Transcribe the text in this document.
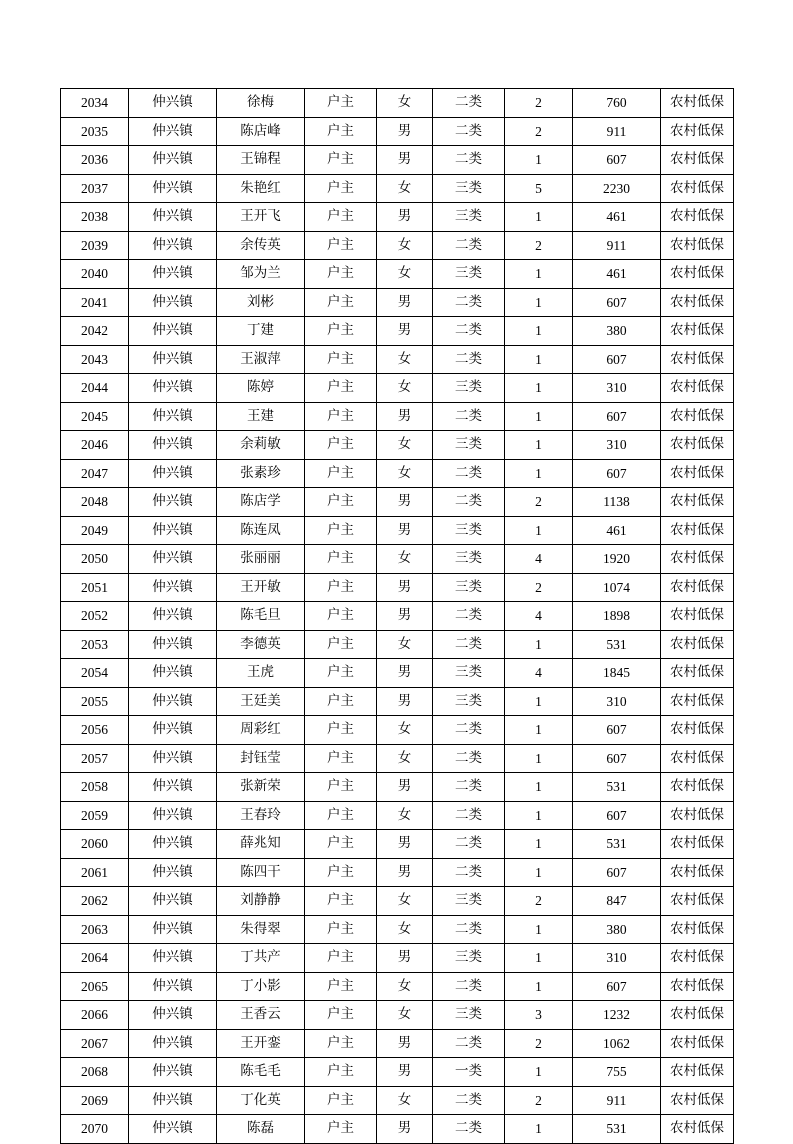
2034	仲兴镇	徐梅	户主	女	二类	2	760	农村低保
2035	仲兴镇	陈店峰	户主	男	二类	2	911	农村低保
2036	仲兴镇	王锦程	户主	男	二类	1	607	农村低保
2037	仲兴镇	朱艳红	户主	女	三类	5	2230	农村低保
2038	仲兴镇	王开飞	户主	男	三类	1	461	农村低保
2039	仲兴镇	余传英	户主	女	二类	2	911	农村低保
2040	仲兴镇	邹为兰	户主	女	三类	1	461	农村低保
2041	仲兴镇	刘彬	户主	男	二类	1	607	农村低保
2042	仲兴镇	丁建	户主	男	二类	1	380	农村低保
2043	仲兴镇	王淑萍	户主	女	二类	1	607	农村低保
2044	仲兴镇	陈婷	户主	女	三类	1	310	农村低保
2045	仲兴镇	王建	户主	男	二类	1	607	农村低保
2046	仲兴镇	余莉敏	户主	女	三类	1	310	农村低保
2047	仲兴镇	张素珍	户主	女	二类	1	607	农村低保
2048	仲兴镇	陈店学	户主	男	二类	2	1138	农村低保
2049	仲兴镇	陈连凤	户主	男	三类	1	461	农村低保
2050	仲兴镇	张丽丽	户主	女	三类	4	1920	农村低保
2051	仲兴镇	王开敏	户主	男	三类	2	1074	农村低保
2052	仲兴镇	陈毛旦	户主	男	二类	4	1898	农村低保
2053	仲兴镇	李德英	户主	女	二类	1	531	农村低保
2054	仲兴镇	王虎	户主	男	三类	4	1845	农村低保
2055	仲兴镇	王廷美	户主	男	三类	1	310	农村低保
2056	仲兴镇	周彩红	户主	女	二类	1	607	农村低保
2057	仲兴镇	封钰莹	户主	女	二类	1	607	农村低保
2058	仲兴镇	张新荣	户主	男	二类	1	531	农村低保
2059	仲兴镇	王春玲	户主	女	二类	1	607	农村低保
2060	仲兴镇	薛兆知	户主	男	二类	1	531	农村低保
2061	仲兴镇	陈四干	户主	男	二类	1	607	农村低保
2062	仲兴镇	刘静静	户主	女	三类	2	847	农村低保
2063	仲兴镇	朱得翠	户主	女	二类	1	380	农村低保
2064	仲兴镇	丁共产	户主	男	三类	1	310	农村低保
2065	仲兴镇	丁小影	户主	女	二类	1	607	农村低保
2066	仲兴镇	王香云	户主	女	三类	3	1232	农村低保
2067	仲兴镇	王开銮	户主	男	二类	2	1062	农村低保
2068	仲兴镇	陈毛毛	户主	男	一类	1	755	农村低保
2069	仲兴镇	丁化英	户主	女	二类	2	911	农村低保
2070	仲兴镇	陈磊	户主	男	二类	1	531	农村低保
